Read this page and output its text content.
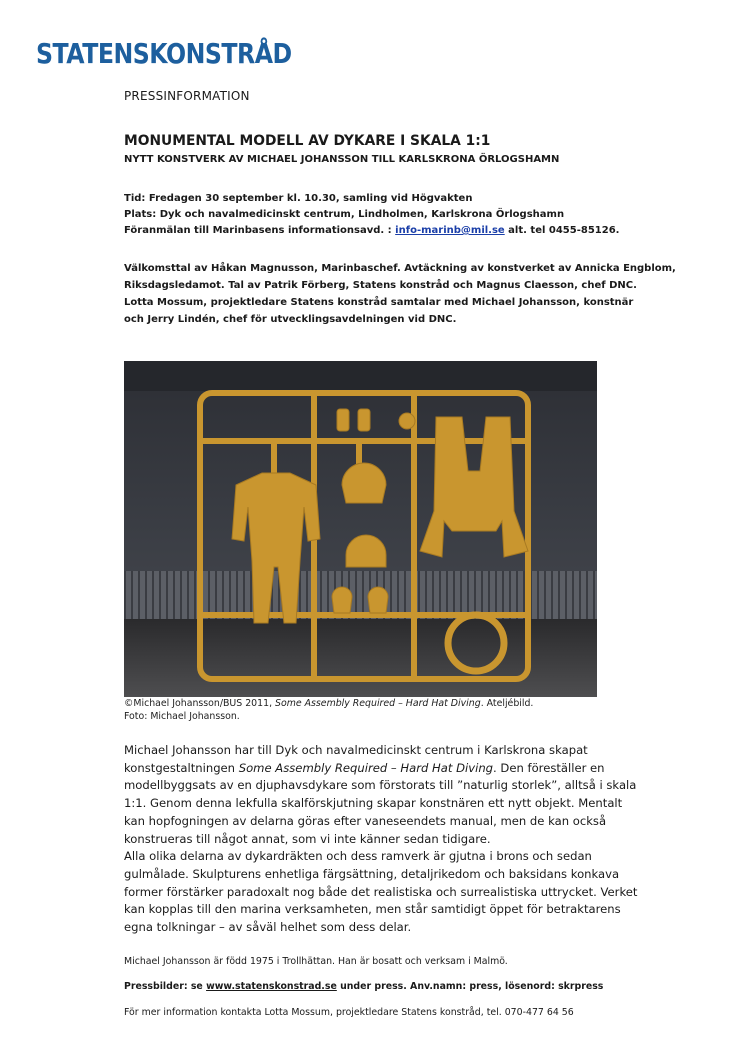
STATENSKONSTRÅD
PRESSINFORMATION
MONUMENTAL MODELL AV DYKARE I SKALA 1:1
NYTT KONSTVERK AV MICHAEL JOHANSSON TILL KARLSKRONA ÖRLOGSHAMN
Tid: Fredagen 30 september kl. 10.30, samling vid Högvakten
Plats: Dyk och navalmedicinskt centrum, Lindholmen, Karlskrona Örlogshamn
Föranmälan till Marinbasens informationsavd. : info-marinb@mil.se alt. tel 0455-85126.
Välkomsttal av Håkan Magnusson, Marinbaschef. Avtäckning av konstverket av Annicka Engblom,
Riksdagsledamot. Tal av Patrik Förberg, Statens konstråd och Magnus Claesson, chef DNC.
Lotta Mossum, projektledare Statens konstråd samtalar med Michael Johansson, konstnär
och Jerry Lindén, chef för utvecklingsavdelningen vid DNC.
©Michael Johansson/BUS 2011, Some Assembly Required – Hard Hat Diving. Ateljébild.
Foto: Michael Johansson.

Michael Johansson har till Dyk och navalmedicinskt centrum i Karlskrona skapat konstgestaltningen Some Assembly Required – Hard Hat Diving. Den föreställer en modellbyggsats av en djuphavsdykare som förstorats till ”naturlig storlek”, alltså i skala 1:1. Genom denna lekfulla skalförskjutning skapar konstnären ett nytt objekt. Mentalt kan hopfogningen av delarna göras efter vaneseendets manual, men de kan också konstrueras till något annat, som vi inte känner sedan tidigare.

Alla olika delarna av dykardräkten och dess ramverk är gjutna i brons och sedan gulmålade. Skulpturens enhetliga färgsättning, detaljrikedom och baksidans konkava former förstärker paradoxalt nog både det realistiska och surrealistiska uttrycket. Verket kan kopplas till den marina verksamheten, men står samtidigt öppet för betraktarens egna tolkningar – av såväl helhet som dess delar.

Michael Johansson är född 1975 i Trollhättan. Han är bosatt och verksam i Malmö.
Pressbilder: se www.statenskonstrad.se under press. Anv.namn: press, lösenord: skrpress
För mer information kontakta Lotta Mossum, projektledare Statens konstråd, tel. 070-477 64 56
